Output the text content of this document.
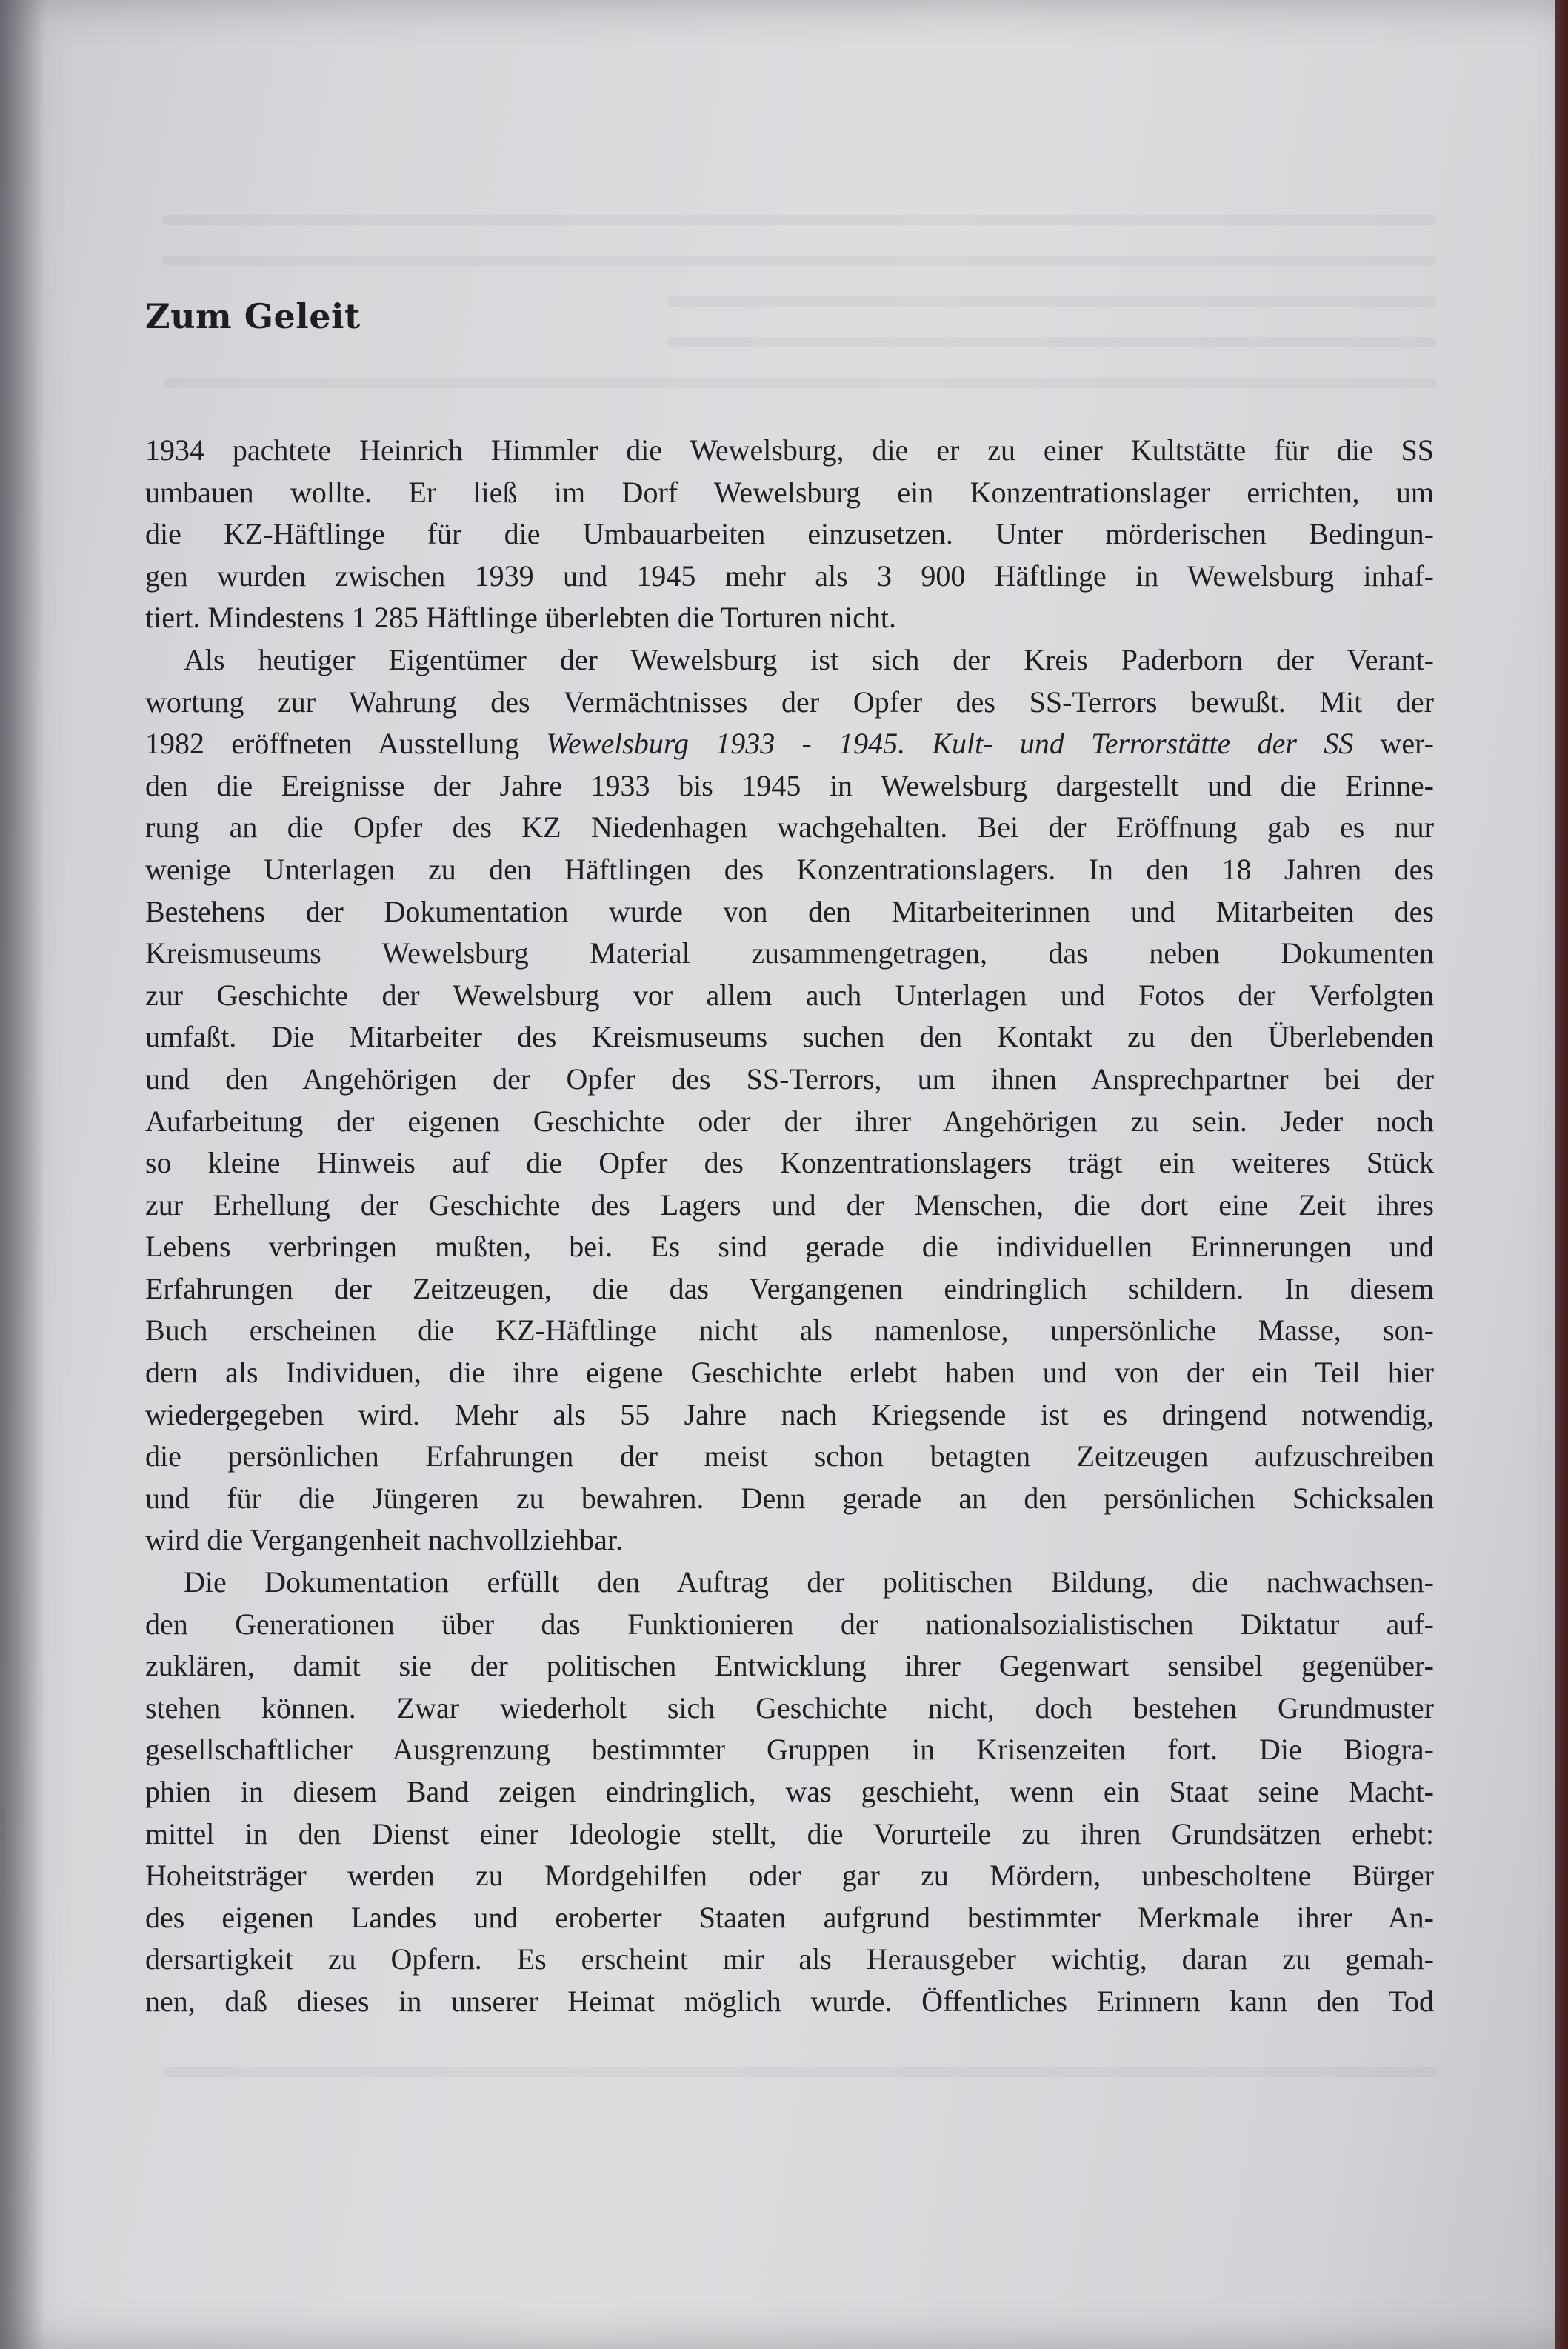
Zum Geleit
1934 pachtete Heinrich Himmler die Wewelsburg, die er zu einer Kultstätte für die SS
umbauen wollte. Er ließ im Dorf Wewelsburg ein Konzentrationslager errichten, um
die KZ-Häftlinge für die Umbauarbeiten einzusetzen. Unter mörderischen Bedingun-
gen wurden zwischen 1939 und 1945 mehr als 3 900 Häftlinge in Wewelsburg inhaf-
tiert. Mindestens 1 285 Häftlinge überlebten die Torturen nicht.
Als heutiger Eigentümer der Wewelsburg ist sich der Kreis Paderborn der Verant-
wortung zur Wahrung des Vermächtnisses der Opfer des SS-Terrors bewußt. Mit der
1982 eröffneten Ausstellung Wewelsburg 1933 - 1945. Kult- und Terrorstätte der SS wer-
den die Ereignisse der Jahre 1933 bis 1945 in Wewelsburg dargestellt und die Erinne-
rung an die Opfer des KZ Niedenhagen wachgehalten. Bei der Eröffnung gab es nur
wenige Unterlagen zu den Häftlingen des Konzentrationslagers. In den 18 Jahren des
Bestehens der Dokumentation wurde von den Mitarbeiterinnen und Mitarbeiten des
Kreismuseums Wewelsburg Material zusammengetragen, das neben Dokumenten
zur Geschichte der Wewelsburg vor allem auch Unterlagen und Fotos der Verfolgten
umfaßt. Die Mitarbeiter des Kreismuseums suchen den Kontakt zu den Überlebenden
und den Angehörigen der Opfer des SS-Terrors, um ihnen Ansprechpartner bei der
Aufarbeitung der eigenen Geschichte oder der ihrer Angehörigen zu sein. Jeder noch
so kleine Hinweis auf die Opfer des Konzentrationslagers trägt ein weiteres Stück
zur Erhellung der Geschichte des Lagers und der Menschen, die dort eine Zeit ihres
Lebens verbringen mußten, bei. Es sind gerade die individuellen Erinnerungen und
Erfahrungen der Zeitzeugen, die das Vergangenen eindringlich schildern. In diesem
Buch erscheinen die KZ-Häftlinge nicht als namenlose, unpersönliche Masse, son-
dern als Individuen, die ihre eigene Geschichte erlebt haben und von der ein Teil hier
wiedergegeben wird. Mehr als 55 Jahre nach Kriegsende ist es dringend notwendig,
die persönlichen Erfahrungen der meist schon betagten Zeitzeugen aufzuschreiben
und für die Jüngeren zu bewahren. Denn gerade an den persönlichen Schicksalen
wird die Vergangenheit nachvollziehbar.
Die Dokumentation erfüllt den Auftrag der politischen Bildung, die nachwachsen-
den Generationen über das Funktionieren der nationalsozialistischen Diktatur auf-
zuklären, damit sie der politischen Entwicklung ihrer Gegenwart sensibel gegenüber-
stehen können. Zwar wiederholt sich Geschichte nicht, doch bestehen Grundmuster
gesellschaftlicher Ausgrenzung bestimmter Gruppen in Krisenzeiten fort. Die Biogra-
phien in diesem Band zeigen eindringlich, was geschieht, wenn ein Staat seine Macht-
mittel in den Dienst einer Ideologie stellt, die Vorurteile zu ihren Grundsätzen erhebt:
Hoheitsträger werden zu Mordgehilfen oder gar zu Mördern, unbescholtene Bürger
des eigenen Landes und eroberter Staaten aufgrund bestimmter Merkmale ihrer An-
dersartigkeit zu Opfern. Es erscheint mir als Herausgeber wichtig, daran zu gemah-
nen, daß dieses in unserer Heimat möglich wurde. Öffentliches Erinnern kann den Tod
